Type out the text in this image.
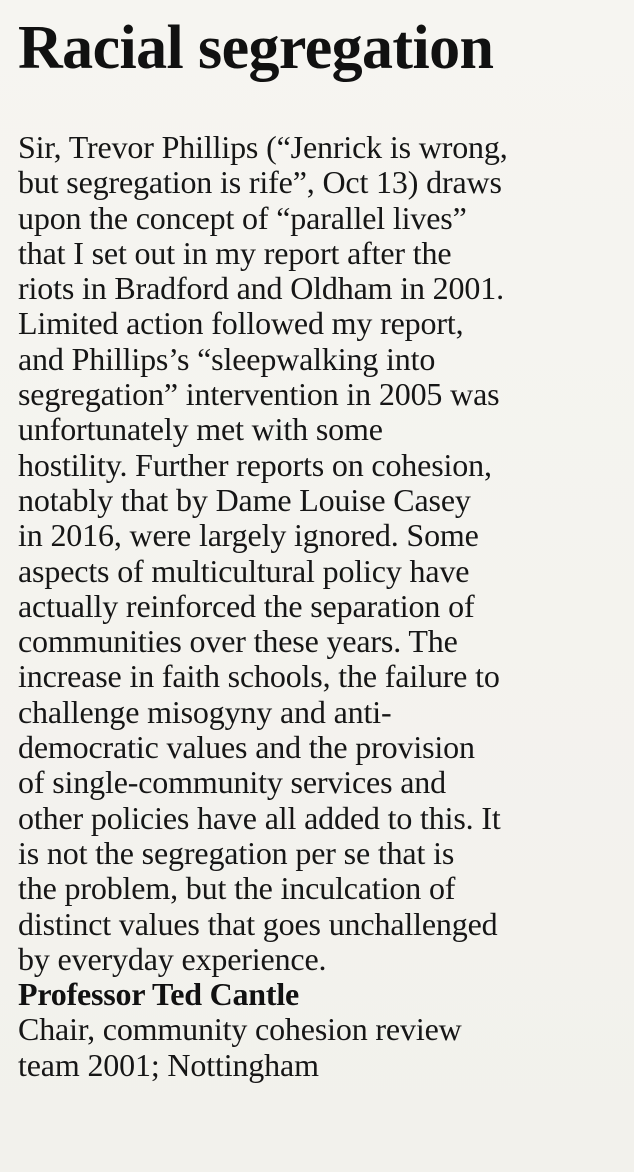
Racial segregation
Sir, Trevor Phillips (“Jenrick is wrong,
but segregation is rife”, Oct 13) draws
upon the concept of “parallel lives”
that I set out in my report after the
riots in Bradford and Oldham in 2001.
Limited action followed my report,
and Phillips’s “sleepwalking into
segregation” intervention in 2005 was
unfortunately met with some
hostility. Further reports on cohesion,
notably that by Dame Louise Casey
in 2016, were largely ignored. Some
aspects of multicultural policy have
actually reinforced the separation of
communities over these years. The
increase in faith schools, the failure to
challenge misogyny and anti-
democratic values and the provision
of single-community services and
other policies have all added to this. It
is not the segregation per se that is
the problem, but the inculcation of
distinct values that goes unchallenged
by everyday experience.
Professor Ted Cantle
Chair, community cohesion review
team 2001; Nottingham
